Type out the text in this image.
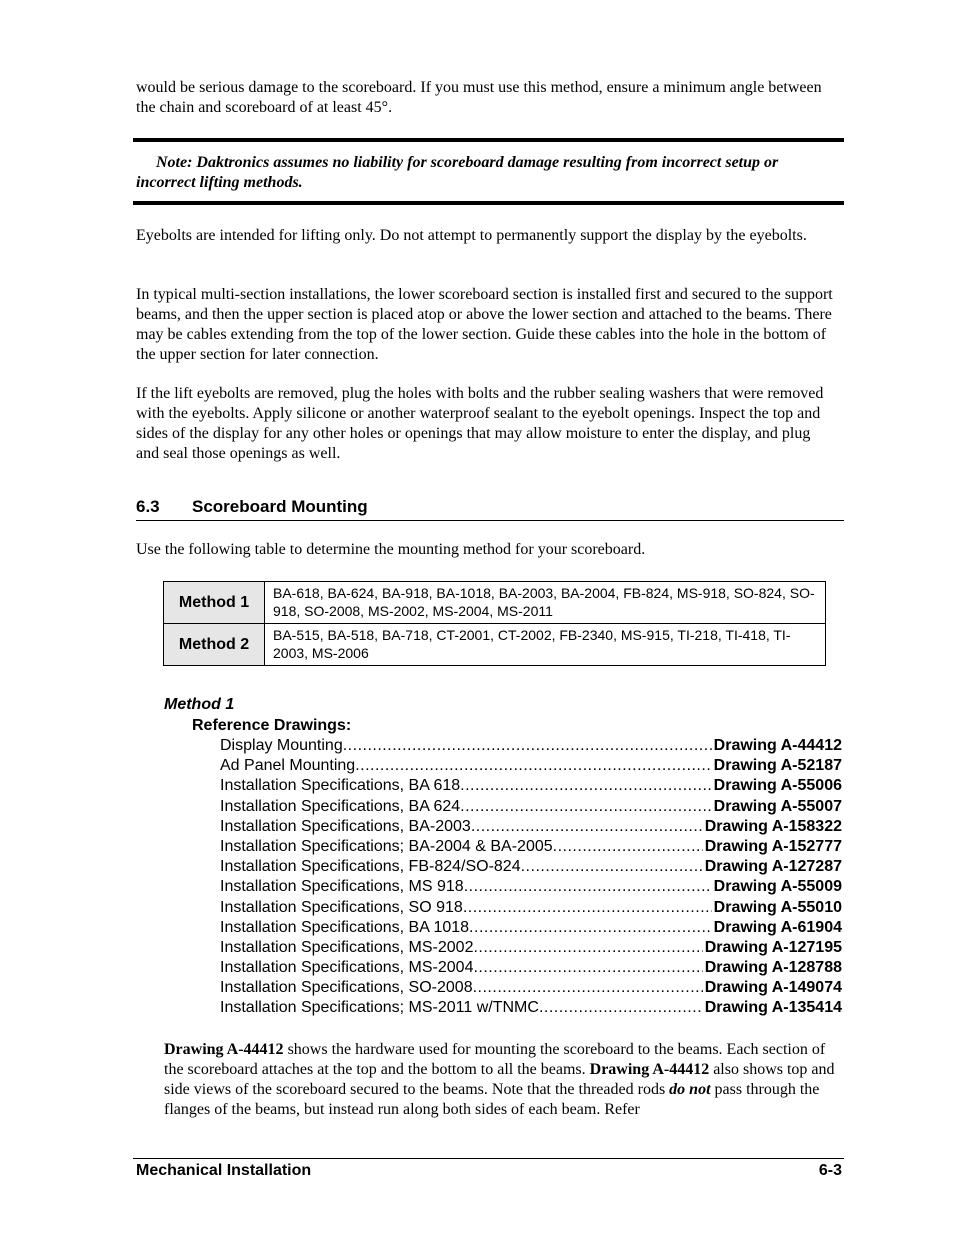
would be serious damage to the scoreboard. If you must use this method, ensure a minimum angle between the chain and scoreboard of at least 45°.

Note: Daktronics assumes no liability for scoreboard damage resulting from incorrect setup or incorrect lifting methods.

Eyebolts are intended for lifting only. Do not attempt to permanently support the display by the eyebolts.

In typical multi-section installations, the lower scoreboard section is installed first and secured to the support beams, and then the upper section is placed atop or above the lower section and attached to the beams. There may be cables extending from the top of the lower section. Guide these cables into the hole in the bottom of the upper section for later connection.

If the lift eyebolts are removed, plug the holes with bolts and the rubber sealing washers that were removed with the eyebolts. Apply silicone or another waterproof sealant to the eyebolt openings. Inspect the top and sides of the display for any other holes or openings that may allow moisture to enter the display, and plug and seal those openings as well.

6.3 Scoreboard Mounting

Use the following table to determine the mounting method for your scoreboard.

Method 1	BA-618, BA-624, BA-918, BA-1018, BA-2003, BA-2004, FB-824, MS-918, SO-824, SO-918, SO-2008, MS-2002, MS-2004, MS-2011
Method 2	BA-515, BA-518, BA-718, CT-2001, CT-2002, FB-2340, MS-915, TI-218, TI-418, TI-2003, MS-2006
Method 1
Reference Drawings:
Display Mounting .....	Drawing A-44412
Ad Panel Mounting .....	Drawing A-52187
Installation Specifications, BA 618 .....	Drawing A-55006
Installation Specifications, BA 624 .....	Drawing A-55007
Installation Specifications, BA-2003 .....	Drawing A-158322
Installation Specifications; BA-2004 & BA-2005 .....	Drawing A-152777
Installation Specifications, FB-824/SO-824 .....	Drawing A-127287
Installation Specifications, MS 918 .....	Drawing A-55009
Installation Specifications, SO 918 .....	Drawing A-55010
Installation Specifications, BA 1018 .....	Drawing A-61904
Installation Specifications, MS-2002 .....	Drawing A-127195
Installation Specifications, MS-2004 .....	Drawing A-128788
Installation Specifications, SO-2008 .....	Drawing A-149074
Installation Specifications; MS-2011 w/TNMC .....	Drawing A-135414

Drawing A-44412 shows the hardware used for mounting the scoreboard to the beams. Each section of the scoreboard attaches at the top and the bottom to all the beams. Drawing A-44412 also shows top and side views of the scoreboard secured to the beams. Note that the threaded rods do not pass through the flanges of the beams, but instead run along both sides of each beam. Refer

Mechanical Installation	6-3
